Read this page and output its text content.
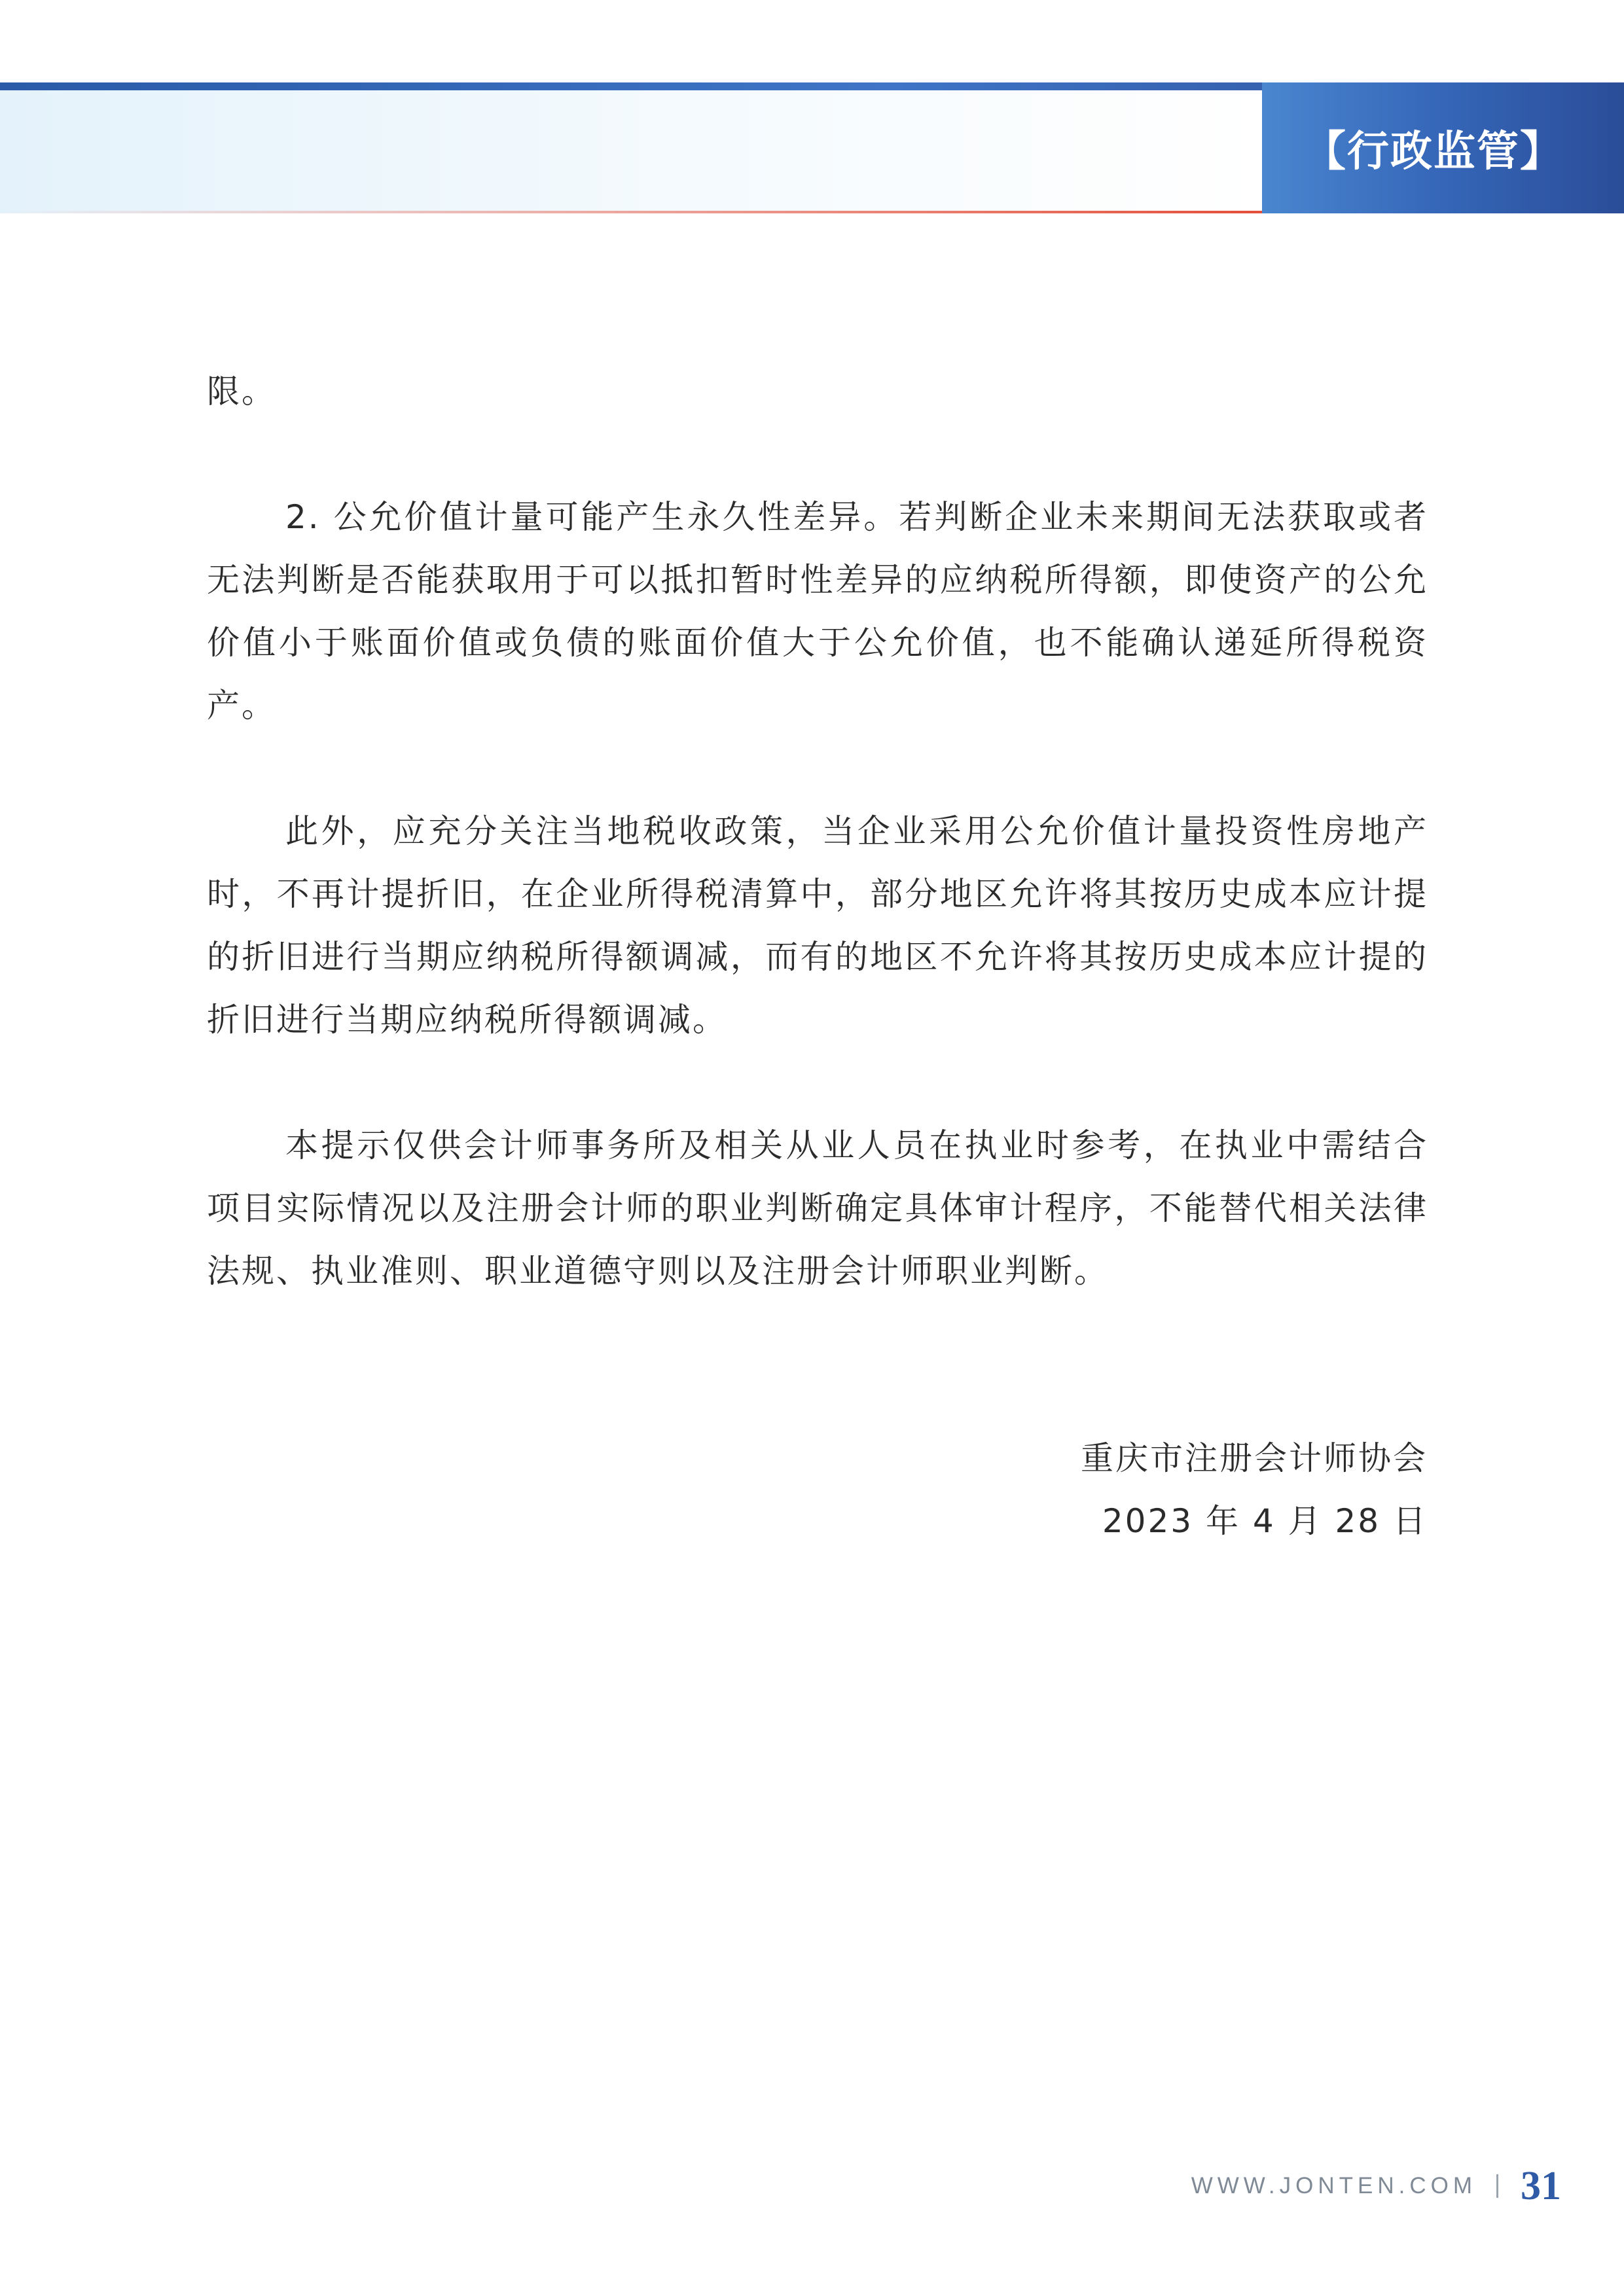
【行政监管】

限。

2. 公允价值计量可能产生永久性差异。若判断企业未来期间无法获取或者无法判断是否能获取用于可以抵扣暂时性差异的应纳税所得额，即使资产的公允价值小于账面价值或负债的账面价值大于公允价值，也不能确认递延所得税资产。

此外，应充分关注当地税收政策，当企业采用公允价值计量投资性房地产时，不再计提折旧，在企业所得税清算中，部分地区允许将其按历史成本应计提的折旧进行当期应纳税所得额调减，而有的地区不允许将其按历史成本应计提的折旧进行当期应纳税所得额调减。

本提示仅供会计师事务所及相关从业人员在执业时参考，在执业中需结合项目实际情况以及注册会计师的职业判断确定具体审计程序，不能替代相关法律法规、执业准则、职业道德守则以及注册会计师职业判断。

重庆市注册会计师协会
2023 年 4 月 28 日
WWW.JONTEN.COM 31
